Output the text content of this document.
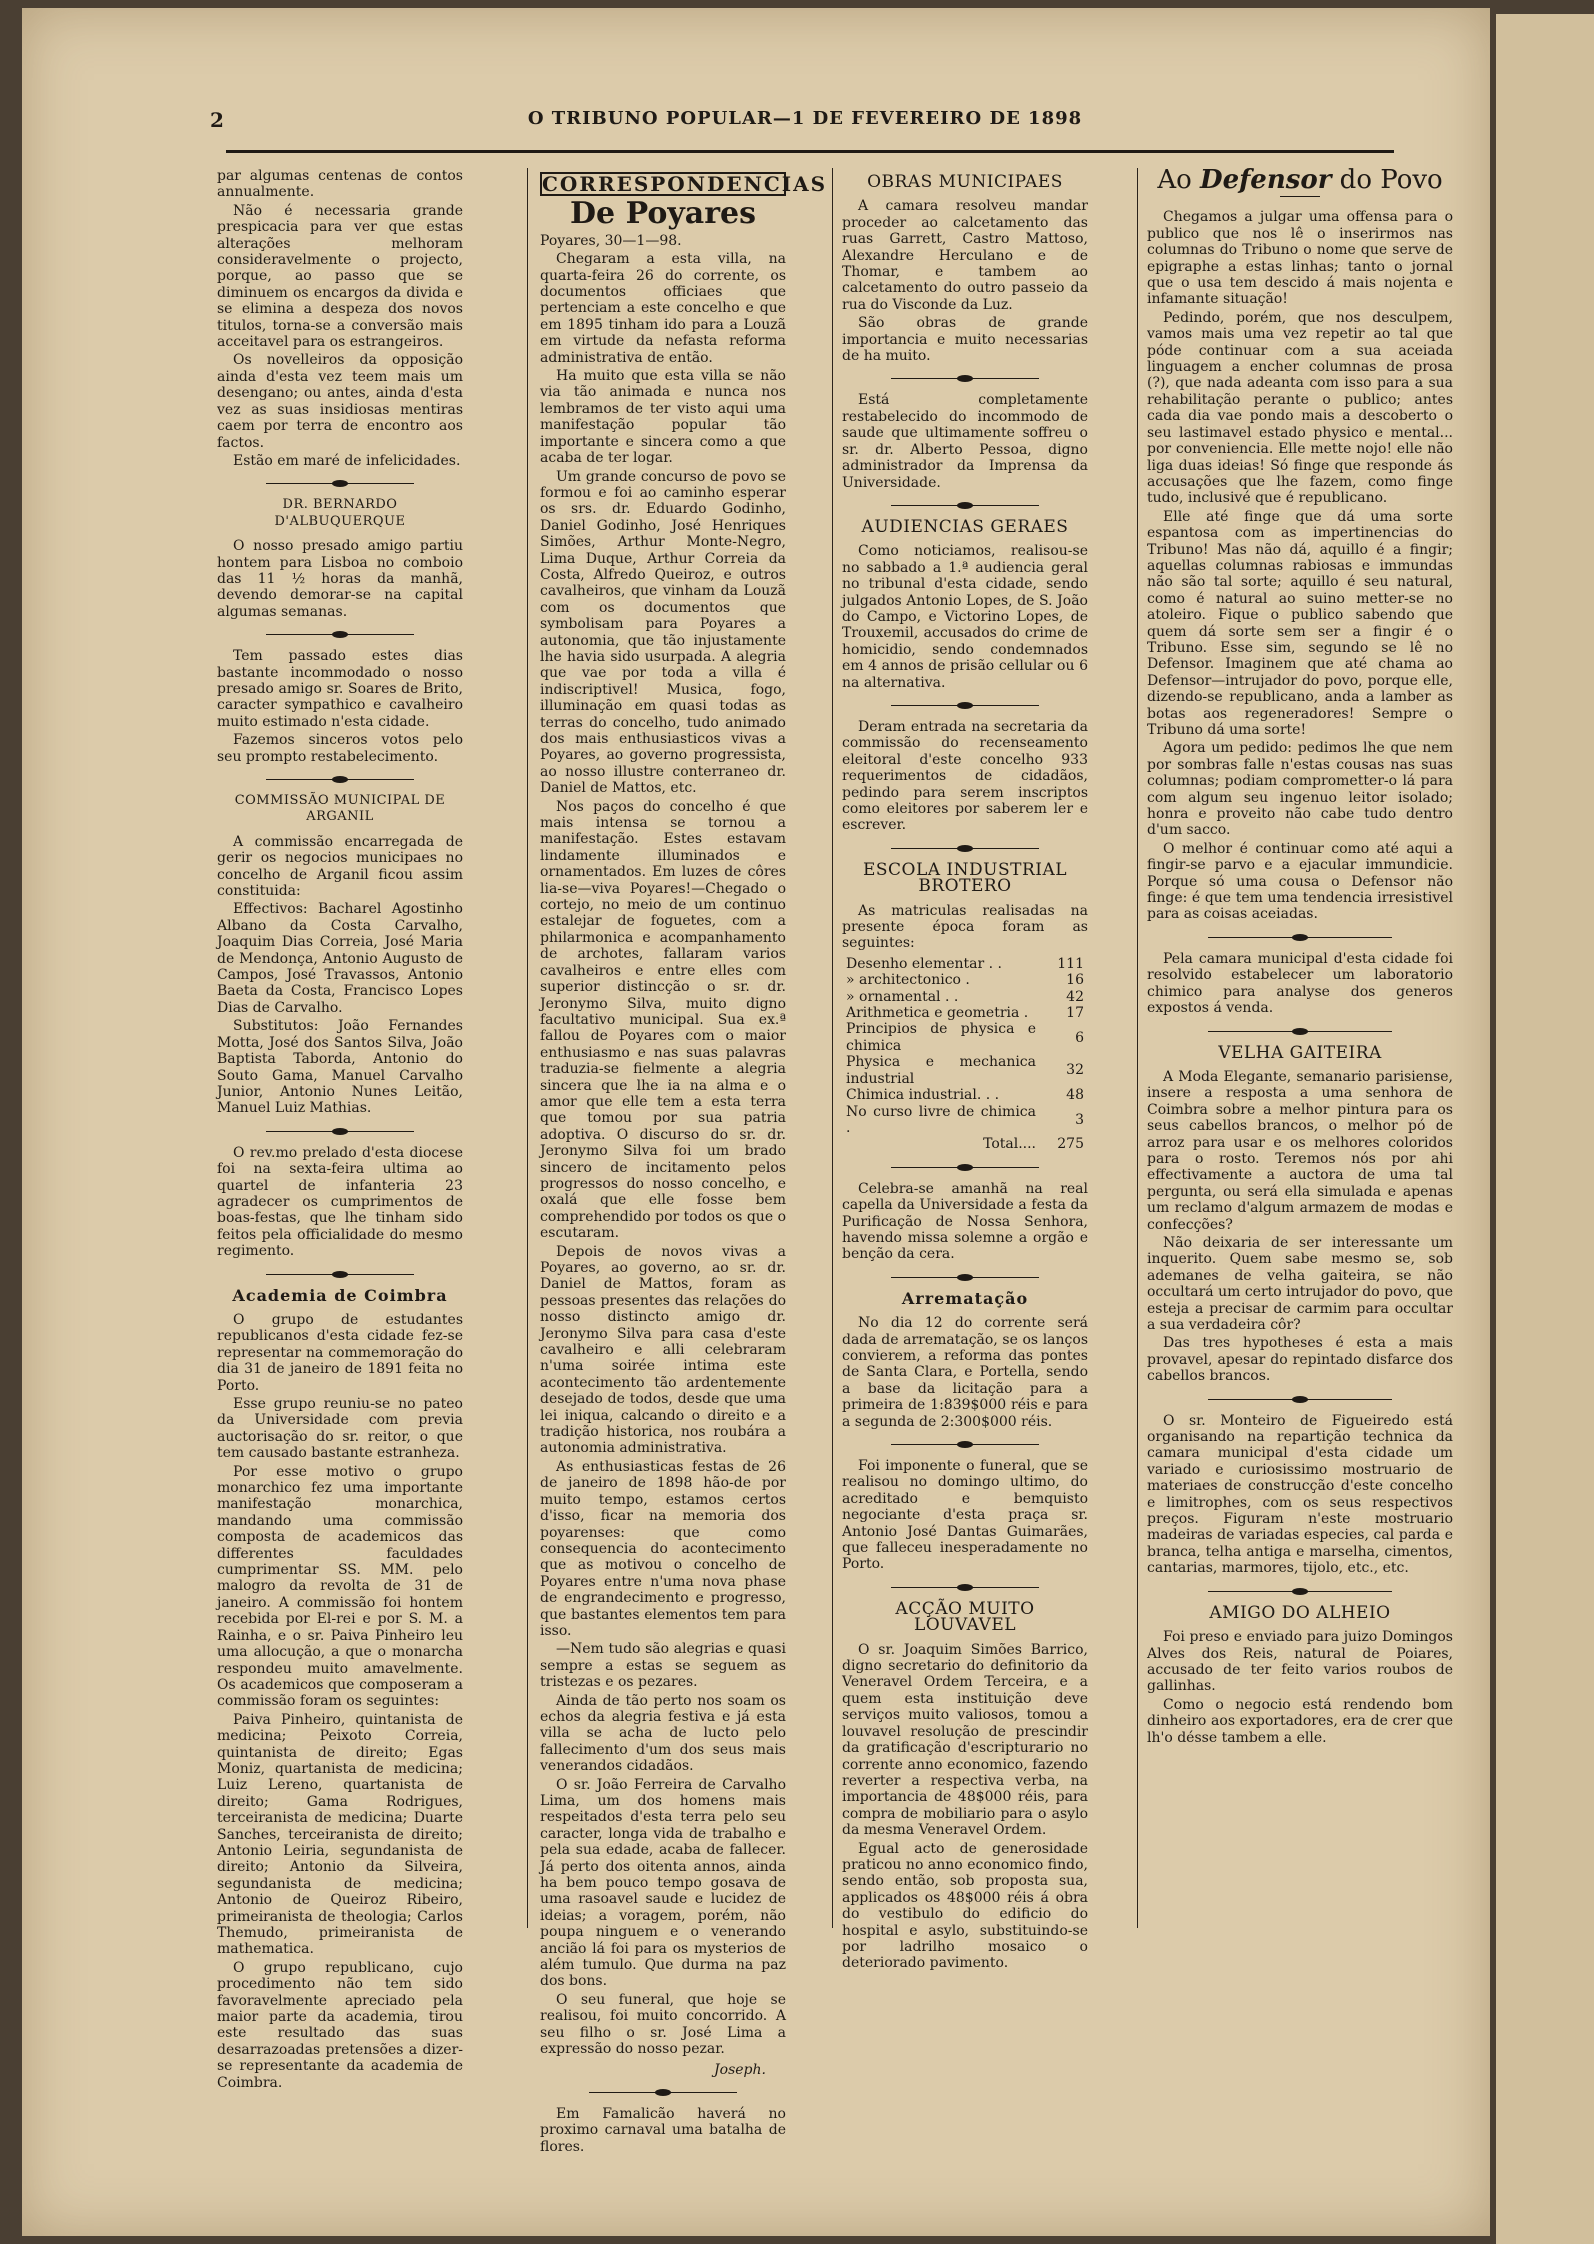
2	O TRIBUNO POPULAR—1 DE FEVEREIRO DE 1898

par algumas centenas de contos annualmente.

Não é necessaria grande prespicacia para ver que estas alterações melhoram consideravelmente o projecto, porque, ao passo que se diminuem os encargos da divida e se elimina a despeza dos novos titulos, torna-se a conversão mais acceitavel para os estrangeiros.

Os novelleiros da opposição ainda d'esta vez teem mais um desengano; ou antes, ainda d'esta vez as suas insidiosas mentiras caem por terra de encontro aos factos.

Estão em maré de infelicidades.

DR. BERNARDO D'ALBUQUERQUE

O nosso presado amigo partiu hontem para Lisboa no comboio das 11 ½ horas da manhã, devendo demorar-se na capital algumas semanas.

Tem passado estes dias bastante incommodado o nosso presado amigo sr. Soares de Brito, caracter sympathico e cavalheiro muito estimado n'esta cidade.

Fazemos sinceros votos pelo seu prompto restabelecimento.

COMMISSÃO MUNICIPAL DE ARGANIL

A commissão encarregada de gerir os negocios municipaes no concelho de Arganil ficou assim constituida:

Effectivos: Bacharel Agostinho Albano da Costa Carvalho, Joaquim Dias Correia, José Maria de Mendonça, Antonio Augusto de Campos, José Travassos, Antonio Baeta da Costa, Francisco Lopes Dias de Carvalho.

Substitutos: João Fernandes Motta, José dos Santos Silva, João Baptista Taborda, Antonio do Souto Gama, Manuel Carvalho Junior, Antonio Nunes Leitão, Manuel Luiz Mathias.

O rev.mo prelado d'esta diocese foi na sexta-feira ultima ao quartel de infanteria 23 agradecer os cumprimentos de boas-festas, que lhe tinham sido feitos pela officialidade do mesmo regimento.

Academia de Coimbra

O grupo de estudantes republicanos d'esta cidade fez-se representar na commemoração do dia 31 de janeiro de 1891 feita no Porto.

Esse grupo reuniu-se no pateo da Universidade com previa auctorisação do sr. reitor, o que tem causado bastante estranheza.

Por esse motivo o grupo monarchico fez uma importante manifestação monarchica, mandando uma commissão composta de academicos das differentes faculdades cumprimentar SS. MM. pelo malogro da revolta de 31 de janeiro. A commissão foi hontem recebida por El-rei e por S. M. a Rainha, e o sr. Paiva Pinheiro leu uma allocução, a que o monarcha respondeu muito amavelmente. Os academicos que composeram a commissão foram os seguintes:

Paiva Pinheiro, quintanista de medicina; Peixoto Correia, quintanista de direito; Egas Moniz, quartanista de medicina; Luiz Lereno, quartanista de direito; Gama Rodrigues, terceiranista de medicina; Duarte Sanches, terceiranista de direito; Antonio Leiria, segundanista de direito; Antonio da Silveira, segundanista de medicina; Antonio de Queiroz Ribeiro, primeiranista de theologia; Carlos Themudo, primeiranista de mathematica.

O grupo republicano, cujo procedimento não tem sido favoravelmente apreciado pela maior parte da academia, tirou este resultado das suas desarrazoadas pretensões a dizer-se representante da academia de Coimbra.

CORRESPONDENCIAS
De Poyares

Poyares, 30—1—98.

Chegaram a esta villa, na quarta-feira 26 do corrente, os documentos officiaes que pertenciam a este concelho e que em 1895 tinham ido para a Louzã em virtude da nefasta reforma administrativa de então.

Ha muito que esta villa se não via tão animada e nunca nos lembramos de ter visto aqui uma manifestação popular tão importante e sincera como a que acaba de ter logar.

Um grande concurso de povo se formou e foi ao caminho esperar os srs. dr. Eduardo Godinho, Daniel Godinho, José Henriques Simões, Arthur Monte-Negro, Lima Duque, Arthur Correia da Costa, Alfredo Queiroz, e outros cavalheiros, que vinham da Louzã com os documentos que symbolisam para Poyares a autonomia, que tão injustamente lhe havia sido usurpada. A alegria que vae por toda a villa é indiscriptivel! Musica, fogo, illuminação em quasi todas as terras do concelho, tudo animado dos mais enthusiasticos vivas a Poyares, ao governo progressista, ao nosso illustre conterraneo dr. Daniel de Mattos, etc.

Nos paços do concelho é que mais intensa se tornou a manifestação. Estes estavam lindamente illuminados e ornamentados. Em luzes de côres lia-se—viva Poyares!—Chegado o cortejo, no meio de um continuo estalejar de foguetes, com a philarmonica e acompanhamento de archotes, fallaram varios cavalheiros e entre elles com superior distincção o sr. dr. Jeronymo Silva, muito digno facultativo municipal. Sua ex.ª fallou de Poyares com o maior enthusiasmo e nas suas palavras traduzia-se fielmente a alegria sincera que lhe ia na alma e o amor que elle tem a esta terra que tomou por sua patria adoptiva. O discurso do sr. dr. Jeronymo Silva foi um brado sincero de incitamento pelos progressos do nosso concelho, e oxalá que elle fosse bem comprehendido por todos os que o escutaram.

Depois de novos vivas a Poyares, ao governo, ao sr. dr. Daniel de Mattos, foram as pessoas presentes das relações do nosso distincto amigo dr. Jeronymo Silva para casa d'este cavalheiro e alli celebraram n'uma soirée intima este acontecimento tão ardentemente desejado de todos, desde que uma lei iniqua, calcando o direito e a tradição historica, nos roubára a autonomia administrativa.

As enthusiasticas festas de 26 de janeiro de 1898 hão-de por muito tempo, estamos certos d'isso, ficar na memoria dos poyarenses: que como consequencia do acontecimento que as motivou o concelho de Poyares entre n'uma nova phase de engrandecimento e progresso, que bastantes elementos tem para isso.

—Nem tudo são alegrias e quasi sempre a estas se seguem as tristezas e os pezares.

Ainda de tão perto nos soam os echos da alegria festiva e já esta villa se acha de lucto pelo fallecimento d'um dos seus mais venerandos cidadãos.

O sr. João Ferreira de Carvalho Lima, um dos homens mais respeitados d'esta terra pelo seu caracter, longa vida de trabalho e pela sua edade, acaba de fallecer. Já perto dos oitenta annos, ainda ha bem pouco tempo gosava de uma rasoavel saude e lucidez de ideias; a voragem, porém, não poupa ninguem e o venerando ancião lá foi para os mysterios de além tumulo. Que durma na paz dos bons.

O seu funeral, que hoje se realisou, foi muito concorrido. A seu filho o sr. José Lima a expressão do nosso pezar.

Joseph.

Em Famalicão haverá no proximo carnaval uma batalha de flores.

OBRAS MUNICIPAES

A camara resolveu mandar proceder ao calcetamento das ruas Garrett, Castro Mattoso, Alexandre Herculano e de Thomar, e tambem ao calcetamento do outro passeio da rua do Visconde da Luz.

São obras de grande importancia e muito necessarias de ha muito.

Está completamente restabelecido do incommodo de saude que ultimamente soffreu o sr. dr. Alberto Pessoa, digno administrador da Imprensa da Universidade.

AUDIENCIAS GERAES

Como noticiamos, realisou-se no sabbado a 1.ª audiencia geral no tribunal d'esta cidade, sendo julgados Antonio Lopes, de S. João do Campo, e Victorino Lopes, de Trouxemil, accusados do crime de homicidio, sendo condemnados em 4 annos de prisão cellular ou 6 na alternativa.

Deram entrada na secretaria da commissão do recenseamento eleitoral d'este concelho 933 requerimentos de cidadãos, pedindo para serem inscriptos como eleitores por saberem ler e escrever.

ESCOLA INDUSTRIAL BROTERO

As matriculas realisadas na presente época foram as seguintes:

Desenho elementar . .	111
» architectonico .	16
» ornamental . .	42
Arithmetica e geometria .	17
Principios de physica e chimica	6
Physica e mechanica industrial	32
Chimica industrial. . .	48
No curso livre de chimica .	3
Total....	275

Celebra-se amanhã na real capella da Universidade a festa da Purificação de Nossa Senhora, havendo missa solemne a orgão e benção da cera.

Arrematação

No dia 12 do corrente será dada de arrematação, se os lanços convierem, a reforma das pontes de Santa Clara, e Portella, sendo a base da licitação para a primeira de 1:839$000 réis e para a segunda de 2:300$000 réis.

Foi imponente o funeral, que se realisou no domingo ultimo, do acreditado e bemquisto negociante d'esta praça sr. Antonio José Dantas Guimarães, que falleceu inesperadamente no Porto.

ACÇÃO MUITO LOUVAVEL

O sr. Joaquim Simões Barrico, digno secretario do definitorio da Veneravel Ordem Terceira, e a quem esta instituição deve serviços muito valiosos, tomou a louvavel resolução de prescindir da gratificação d'escripturario no corrente anno economico, fazendo reverter a respectiva verba, na importancia de 48$000 réis, para compra de mobiliario para o asylo da mesma Veneravel Ordem.

Egual acto de generosidade praticou no anno economico findo, sendo então, sob proposta sua, applicados os 48$000 réis á obra do vestibulo do edificio do hospital e asylo, substituindo-se por ladrilho mosaico o deteriorado pavimento.

Ao Defensor do Povo

Chegamos a julgar uma offensa para o publico que nos lê o inserirmos nas columnas do Tribuno o nome que serve de epigraphe a estas linhas; tanto o jornal que o usa tem descido á mais nojenta e infamante situação!

Pedindo, porém, que nos desculpem, vamos mais uma vez repetir ao tal que póde continuar com a sua aceiada linguagem a encher columnas de prosa (?), que nada adeanta com isso para a sua rehabilitação perante o publico; antes cada dia vae pondo mais a descoberto o seu lastimavel estado physico e mental... por conveniencia. Elle mette nojo! elle não liga duas ideias! Só finge que responde ás accusações que lhe fazem, como finge tudo, inclusivé que é republicano.

Elle até finge que dá uma sorte espantosa com as impertinencias do Tribuno! Mas não dá, aquillo é a fingir; aquellas columnas rabiosas e immundas não são tal sorte; aquillo é seu natural, como é natural ao suino metter-se no atoleiro. Fique o publico sabendo que quem dá sorte sem ser a fingir é o Tribuno. Esse sim, segundo se lê no Defensor. Imaginem que até chama ao Defensor—intrujador do povo, porque elle, dizendo-se republicano, anda a lamber as botas aos regeneradores! Sempre o Tribuno dá uma sorte!

Agora um pedido: pedimos lhe que nem por sombras falle n'estas cousas nas suas columnas; podiam comprometter-o lá para com algum seu ingenuo leitor isolado; honra e proveito não cabe tudo dentro d'um sacco.

O melhor é continuar como até aqui a fingir-se parvo e a ejacular immundicie. Porque só uma cousa o Defensor não finge: é que tem uma tendencia irresistivel para as coisas aceiadas.

Pela camara municipal d'esta cidade foi resolvido estabelecer um laboratorio chimico para analyse dos generos expostos á venda.

VELHA GAITEIRA

A Moda Elegante, semanario parisiense, insere a resposta a uma senhora de Coimbra sobre a melhor pintura para os seus cabellos brancos, o melhor pó de arroz para usar e os melhores coloridos para o rosto. Teremos nós por ahi effectivamente a auctora de uma tal pergunta, ou será ella simulada e apenas um reclamo d'algum armazem de modas e confecções?

Não deixaria de ser interessante um inquerito. Quem sabe mesmo se, sob ademanes de velha gaiteira, se não occultará um certo intrujador do povo, que esteja a precisar de carmim para occultar a sua verdadeira côr?

Das tres hypotheses é esta a mais provavel, apesar do repintado disfarce dos cabellos brancos.

O sr. Monteiro de Figueiredo está organisando na repartição technica da camara municipal d'esta cidade um variado e curiosissimo mostruario de materiaes de construcção d'este concelho e limitrophes, com os seus respectivos preços. Figuram n'este mostruario madeiras de variadas especies, cal parda e branca, telha antiga e marselha, cimentos, cantarias, marmores, tijolo, etc., etc.

AMIGO DO ALHEIO

Foi preso e enviado para juizo Domingos Alves dos Reis, natural de Poiares, accusado de ter feito varios roubos de gallinhas.

Como o negocio está rendendo bom dinheiro aos exportadores, era de crer que lh'o désse tambem a elle.
